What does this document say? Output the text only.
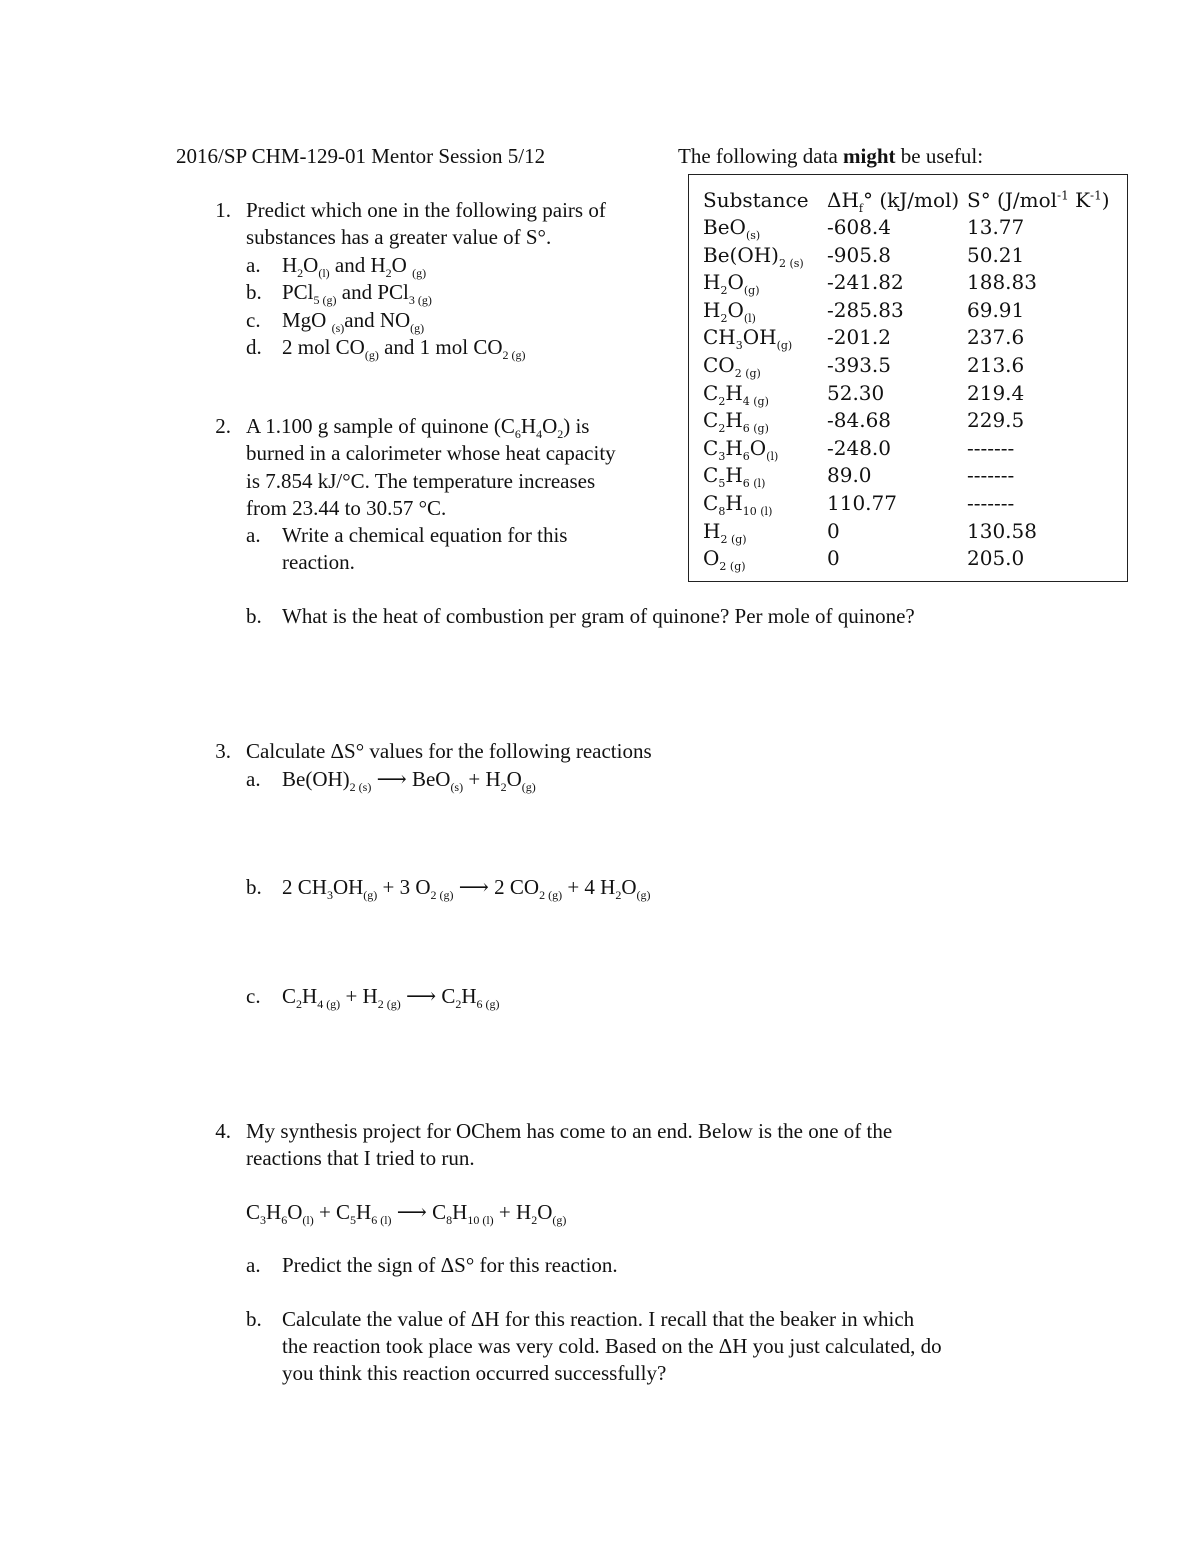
2016/SP CHM-129-01 Mentor Session 5/12	The following data might be useful:
Substance $\Delta H_f^\circ$ (kJ/mol) S° (J/mol$^{-1}$ $K^{-1}$)
BeO$_{(s)}$	-608.4	13.77
$Be(OH)_{2 (s)}$	-905.8	50.21
$H_2O_{(g)}$	-241.82	188.83
$H_2O_{(l)}$	-285.83	69.91
$CH_3OH_{(g)}$	-201.2	237.6
$CO_{2 (g)}$	-393.5	213.6
$C_2H_{4 (g)}$	52.30	219.4
$C_2H_{6 (g)}$	-84.68	229.5
$C_3H_6O_{(l)}$	-248.0	-------
$C_5H_{6 (l)}$	89.0	-------
$C_8H_{10 (l)}$	110.77	-------
$H_{2 (g)}$	0	130.58
$O_{2 (g)}$	0	205.0
1. Predict which one in the following pairs of
substances has a greater value of S°.
a. $H_2O_{(l)}$ and $H_2O$ $_{(g)}$
b. PCl$_{5 (g)}$ and PCl$_{3 (g)}$
c. MgO $_{(s)}$and $NO_{(g)}$
d. 2 mol $CO_{(g)}$ and 1 mol $CO_{2 (g)}$
2. A 1.100 g sample of quinone $(C_6H_4O_2)$ is
burned in a calorimeter whose heat capacity
is 7.854 kJ/°C. The temperature increases
from 23.44 to 30.57 °C.
a. Write a chemical equation for this
reaction.
b. What is the heat of combustion per gram of quinone? Per mole of quinone?
3. Calculate ΔS° values for the following reactions
a. $Be(OH)_{2 (s)}$ ⟶ $BeO_{(s)} + H_2O_{(g)}$
b. 2 $CH_3OH_{(g)} + 3$ $O_{2 (g)}$ ⟶ 2 $CO_{2 (g)} + 4$ $H_2O_{(g)}$
c. $C_2H_{4 (g)} + H_{2 (g)}$ ⟶ $C_2H_{6 (g)}$
4. My synthesis project for OChem has come to an end. Below is the one of the
reactions that I tried to run.
$C_3H_6O_{(l)} + C_5H_{6 (l)}$ ⟶ $C_8H_{10 (l)} + H_2O_{(g)}$
a. Predict the sign of ΔS° for this reaction.
b. Calculate the value of ΔH for this reaction. I recall that the beaker in which
the reaction took place was very cold. Based on the ΔH you just calculated, do
you think this reaction occurred successfully?
